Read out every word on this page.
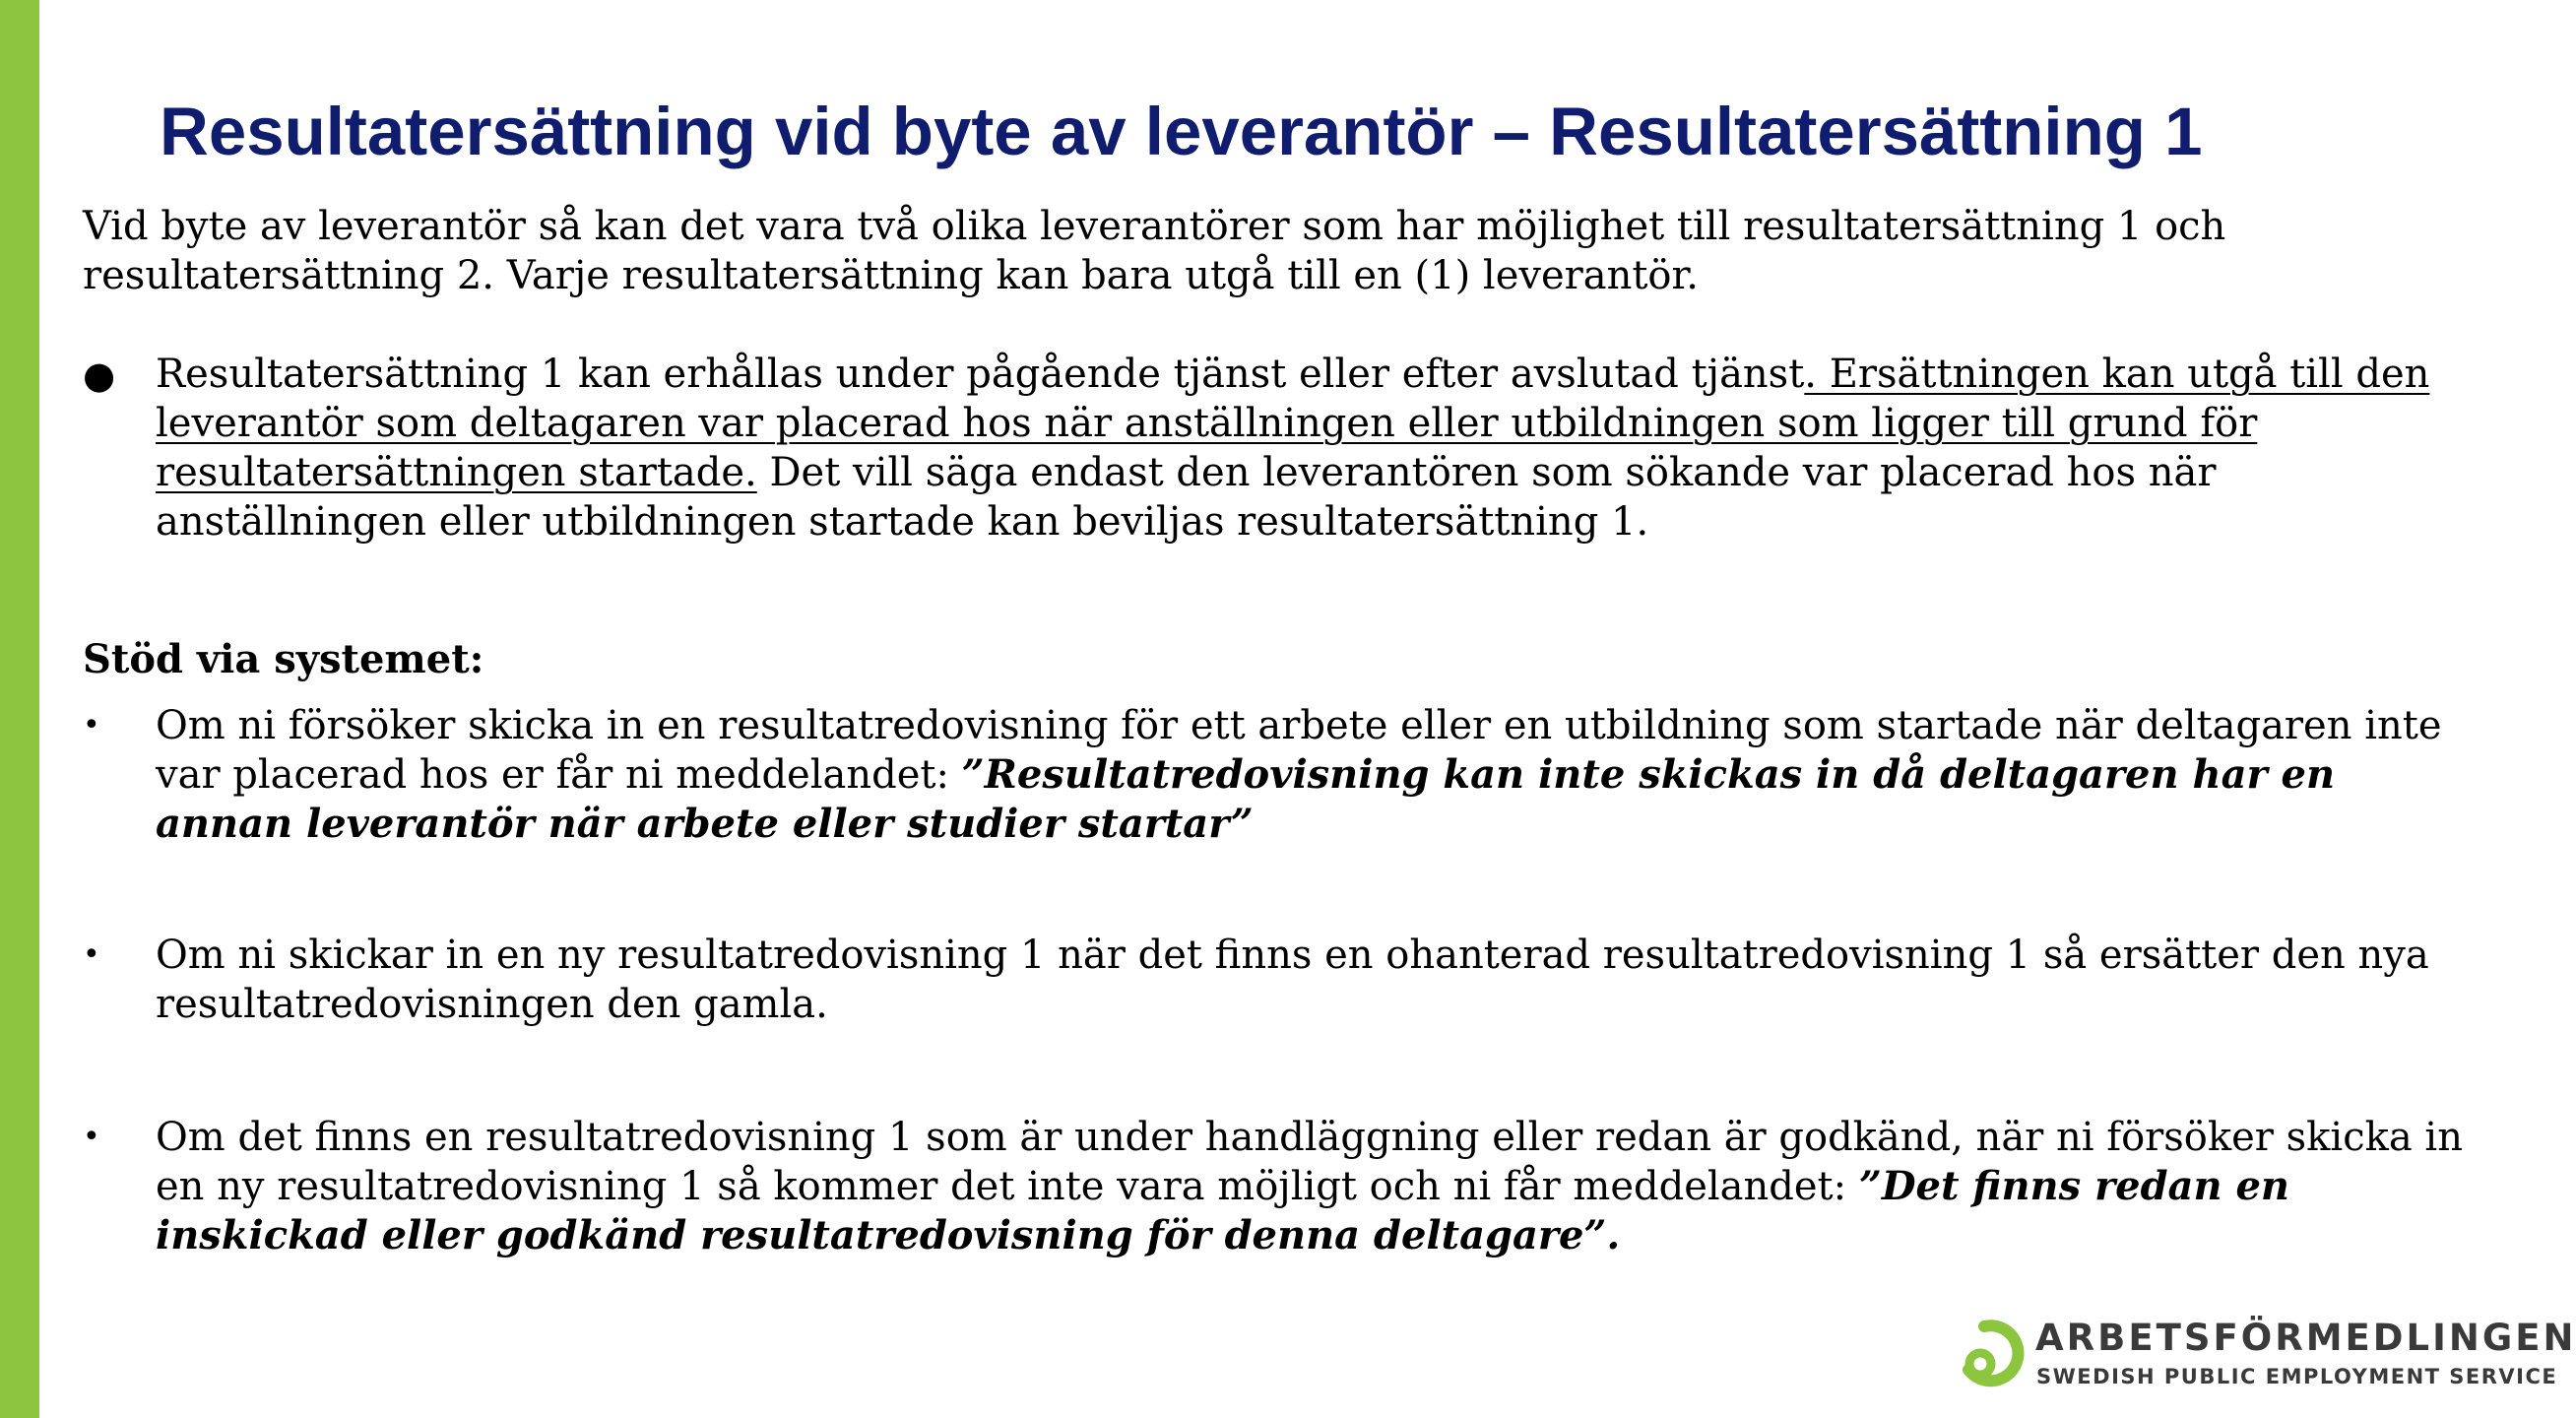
Resultatersättning vid byte av leverantör – Resultatersättning 1

Vid byte av leverantör så kan det vara två olika leverantörer som har möjlighet till resultatersättning 1 och resultatersättning 2. Varje resultatersättning kan bara utgå till en (1) leverantör.

●	Resultatersättning 1 kan erhållas under pågående tjänst eller efter avslutad tjänst. Ersättningen kan utgå till den leverantör som deltagaren var placerad hos när anställningen eller utbildningen som ligger till grund för resultatersättningen startade. Det vill säga endast den leverantören som sökande var placerad hos när anställningen eller utbildningen startade kan beviljas resultatersättning 1.

Stöd via systemet:
•	Om ni försöker skicka in en resultatredovisning för ett arbete eller en utbildning som startade när deltagaren inte var placerad hos er får ni meddelandet: ”Resultatredovisning kan inte skickas in då deltagaren har en annan leverantör när arbete eller studier startar”

•	Om ni skickar in en ny resultatredovisning 1 när det finns en ohanterad resultatredovisning 1 så ersätter den nya resultatredovisningen den gamla.

•	Om det finns en resultatredovisning 1 som är under handläggning eller redan är godkänd, när ni försöker skicka in en ny resultatredovisning 1 så kommer det inte vara möjligt och ni får meddelandet: ”Det finns redan en inskickad eller godkänd resultatredovisning för denna deltagare”.

ARBETSFÖRMEDLINGEN
SWEDISH PUBLIC EMPLOYMENT SERVICE
